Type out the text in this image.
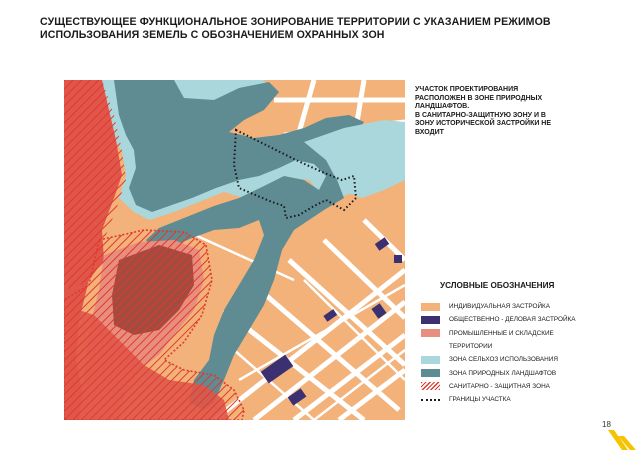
СУЩЕСТВУЮЩЕЕ ФУНКЦИОНАЛЬНОЕ ЗОНИРОВАНИЕ ТЕРРИТОРИИ С УКАЗАНИЕМ РЕЖИМОВ ИСПОЛЬЗОВАНИЯ ЗЕМЕЛЬ С ОБОЗНАЧЕНИЕМ ОХРАННЫХ ЗОН
УЧАСТОК ПРОЕКТИРОВАНИЯ
РАСПОЛОЖЕН В ЗОНЕ ПРИРОДНЫХ
ЛАНДШАФТОВ.
В САНИТАРНО-ЗАЩИТНУЮ ЗОНУ И В
ЗОНУ ИСТОРИЧЕСКОЙ ЗАСТРОЙКИ НЕ
ВХОДИТ
УСЛОВНЫЕ ОБОЗНАЧЕНИЯ
ИНДИВИДУАЛЬНАЯ ЗАСТРОЙКА
ОБЩЕСТВЕННО - ДЕЛОВАЯ ЗАСТРОЙКА
ПРОМЫШЛЕННЫЕ И СКЛАДСКИЕ
ТЕРРИТОРИИ
ЗОНА СЕЛЬХОЗ ИСПОЛЬЗОВАНИЯ
ЗОНА ПРИРОДНЫХ ЛАНДШАФТОВ
САНИТАРНО - ЗАЩИТНАЯ ЗОНА
ГРАНИЦЫ УЧАСТКА
18
